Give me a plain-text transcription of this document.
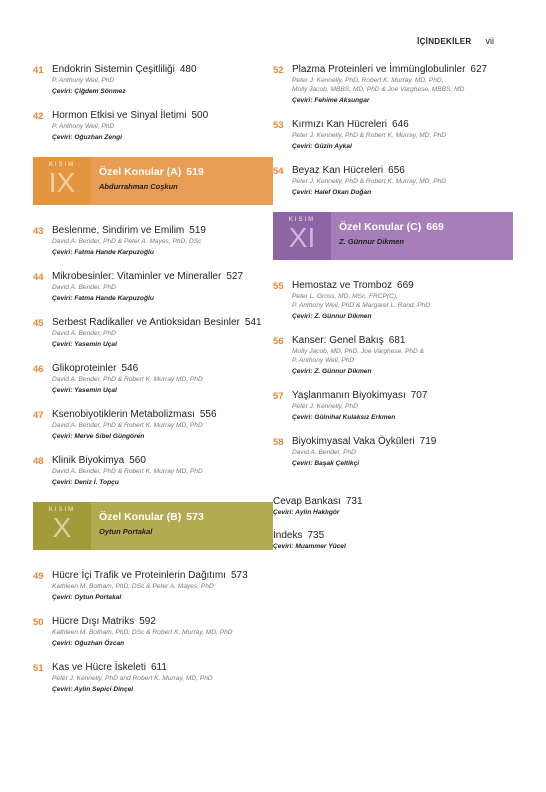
İÇİNDEKİLER vii
41 Endokrin Sistemin Çeşitliliği 480
P. Anthony Weil, PhD
Çeviri: Çiğdem Sönmez
42 Hormon Etkisi ve Sinyal İletimi 500
P. Anthony Weil, PhD
Çeviri: Oğuzhan Zengi
KISIM
IX Özel Konular (A) 519
Abdurrahman Coşkun
43 Beslenme, Sindirim ve Emilim 519
David A. Bender, PhD & Peter A. Mayes, PhD, DSc
Çeviri: Fatma Hande Karpuzoğlu
44 Mikrobesinler: Vitaminler ve Mineraller 527
David A. Bender, PhD
Çeviri: Fatma Hande Karpuzoğlu
45 Serbest Radikaller ve Antioksidan Besinler 541
David A. Bender, PhD
Çeviri: Yasemin Uçal
46 Glikoproteinler 546
David A. Bender, PhD & Robert K. Murray MD, PhD
Çeviri: Yasemin Uçal
47 Ksenobiyotiklerin Metabolizması 556
David A. Bender, PhD & Robert K. Murray MD, PhD
Çeviri: Merve Sibel Güngören
48 Klinik Biyokimya 560
David A. Bender, PhD & Robert K. Murray MD, PhD
Çeviri: Deniz İ. Topçu
KISIM
X	Özel Konular (B) 573
Oytun Portakal
49 Hücre İçi Trafik ve Proteinlerin Dağıtımı 573
Kathleen M. Botham, PhD, DSc & Peter A. Mayes, PhD
Çeviri: Oytun Portakal
50 Hücre Dışı Matriks 592
Kathleen M. Botham, PhD, DSc & Robert K. Murray, MD, PhD
Çeviri: Oğuzhan Özcan
51 Kas ve Hücre İskeleti 611
Peter J. Kennelly, PhD and Robert K. Murray, MD, PhD
Çeviri: Aylin Sepici Dinçel
52 Plazma Proteinleri ve İmmünglobulinler 627
Peter J. Kennelly, PhD, Robert K. Murray, MD, PhD,
Molly Jacob, MBBS, MD, PhD & Joe Varghese, MBBS, MD
Çeviri: Fehime Aksungar
53 Kırmızı Kan Hücreleri 646
Peter J. Kennelly, PhD & Robert K. Murray, MD, PhD
Çeviri: Güzin Aykal
54 Beyaz Kan Hücreleri 656
Peter J. Kennelly, PhD & Robert K. Murray, MD, PhD
Çeviri: Halef Okan Doğan
KISIM
XI Özel Konular (C) 669
Z. Günnur Dikmen
55 Hemostaz ve Tromboz 669
Peter L. Gross, MD, MSc, FRCP(C),
P. Anthony Weil, PhD & Margaret L. Rand, PhD
Çeviri: Z. Günnur Dikmen
56 Kanser: Genel Bakış 681
Molly Jacob, MD, PhD, Joe Varghese, PhD &
P. Anthony Weil, PhD
Çeviri: Z. Günnur Dikmen
57 Yaşlanmanın Biyokimyası 707
Peter J. Kennelly, PhD
Çeviri: Gülnihal Kulaksız Erkmen
58 Biyokimyasal Vaka Öyküleri 719
David A. Bender, PhD
Çeviri: Başak Çeltikçi
Cevap Bankası 731
Çeviri: Aylin Haklıgör
İndeks 735
Çeviri: Muammer Yücel
